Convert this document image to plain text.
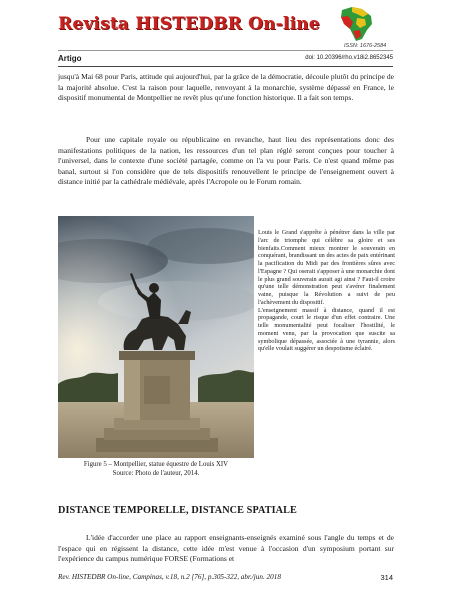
Revista HISTEDBR On-line
ISSN: 1676-2584
Artigo	doi: 10.20396/rho.v18i2.8652345

jusqu'à Mai 68 pour Paris, attitude qui aujourd'hui, par la grâce de la démocratie, découle plutôt du principe de la majorité absolue. C'est la raison pour laquelle, renvoyant à la monarchie, système dépassé en France, le dispositif monumental de Montpellier ne revêt plus qu'une fonction historique. Il a fait son temps.

Pour une capitale royale ou républicaine en revanche, haut lieu des représentations donc des manifestations politiques de la nation, les ressources d'un tel plan réglé seront conçues pour toucher à l'universel, dans le contexte d'une société partagée, comme on l'a vu pour Paris. Ce n'est quand même pas banal, surtout si l'on considère que de tels dispositifs renouvellent le principe de l'enseignement ouvert à distance initié par la cathédrale médiévale, après l'Acropole ou le Forum romain.

Figure 5 – Montpellier, statue équestre de Louis XIV
Source: Photo de l'auteur, 2014.

Louis le Grand s'apprête à pénétrer dans la ville par l'arc de triomphe qui célèbre sa gloire et ses bienfaits.Comment mieux montrer le souverain en conquérant, brandissant un des actes de paix entérinant la pacification du Midi par des frontières sûres avec l'Espagne ? Qui oserait s'apposer à une monarchie dont le plus grand souverain aurait agi ainsi ? Faut-il croire qu'une telle démonstration peut s'avérer finalement vaine, puisque la Révolution a suivi de peu l'achèvement du dispositif.

L'enseignement massif à distance, quand il est propagande, court le risque d'un effet contraire. Une telle monumentalité peut focaliser l'hostilité, le moment venu, par la provocation que suscite sa symbolique dépassée, associée à une tyrannie, alors qu'elle voulait suggérer un despotisme éclairé.

DISTANCE TEMPORELLE, DISTANCE SPATIALE

L'idée d'accorder une place au rapport enseignants-enseignés examiné sous l'angle du temps et de l'espace qui en régissent la distance, cette idée m'est venue à l'occasion d'un symposium portant sur l'expérience du campus numérique FORSE (Formations et

Rev. HISTEDBR On-line, Campinas, v.18, n.2 [76], p.305-322, abr./jun. 2018	314
